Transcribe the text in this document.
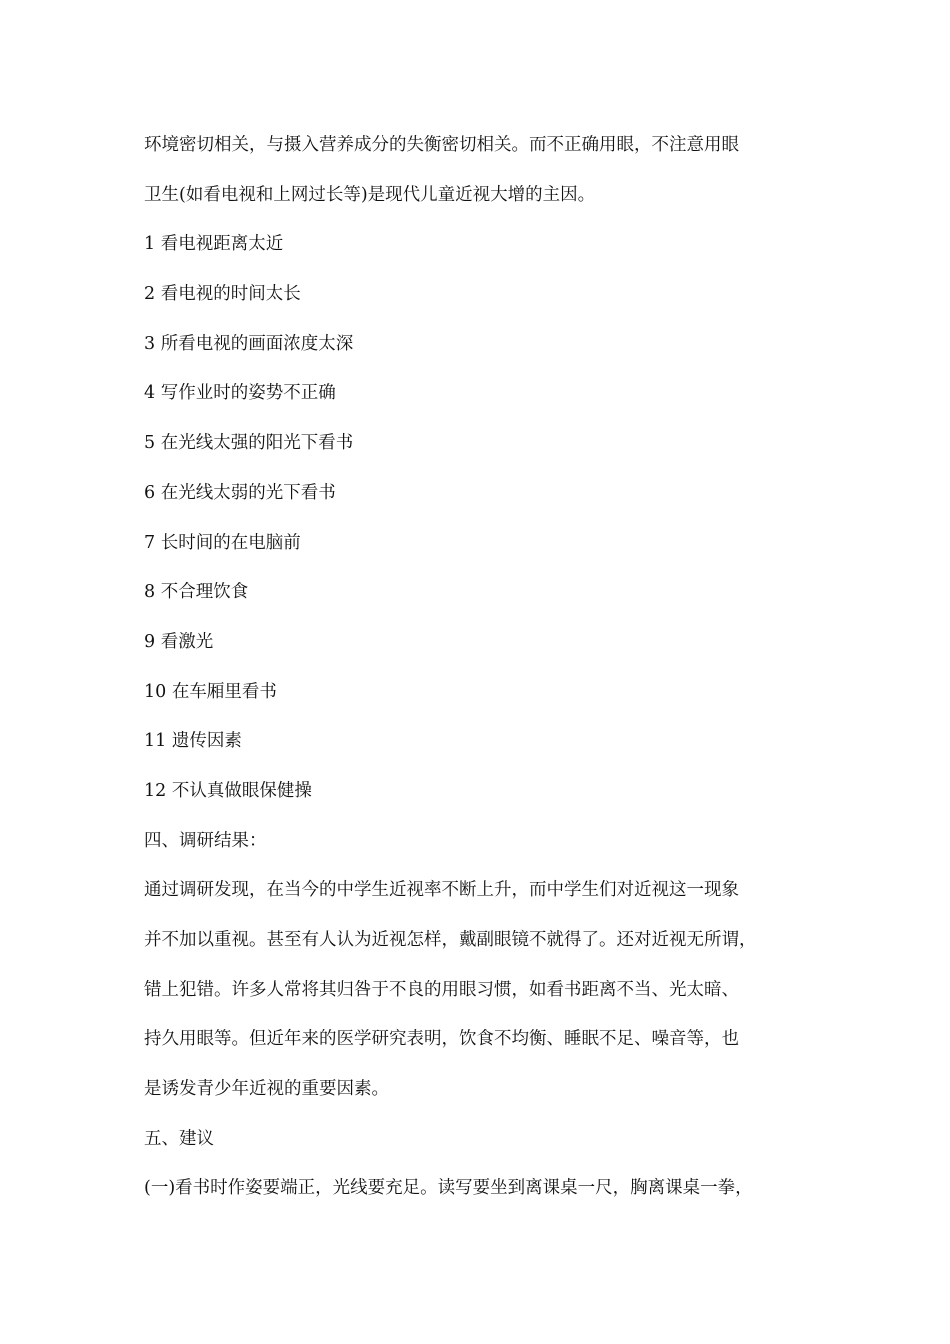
环境密切相关，与摄入营养成分的失衡密切相关。而不正确用眼，不注意用眼
卫生(如看电视和上网过长等)是现代儿童近视大增的主因。
1 看电视距离太近
2 看电视的时间太长
3 所看电视的画面浓度太深
4 写作业时的姿势不正确
5 在光线太强的阳光下看书
6 在光线太弱的光下看书
7 长时间的在电脑前
8 不合理饮食
9 看激光
10 在车厢里看书
11 遗传因素
12 不认真做眼保健操
四、调研结果：
通过调研发现，在当今的中学生近视率不断上升，而中学生们对近视这一现象
并不加以重视。甚至有人认为近视怎样，戴副眼镜不就得了。还对近视无所谓，
错上犯错。许多人常将其归咎于不良的用眼习惯，如看书距离不当、光太暗、
持久用眼等。但近年来的医学研究表明，饮食不均衡、睡眠不足、噪音等，也
是诱发青少年近视的重要因素。
五、建议
(一)看书时作姿要端正，光线要充足。读写要坐到离课桌一尺，胸离课桌一拳，
